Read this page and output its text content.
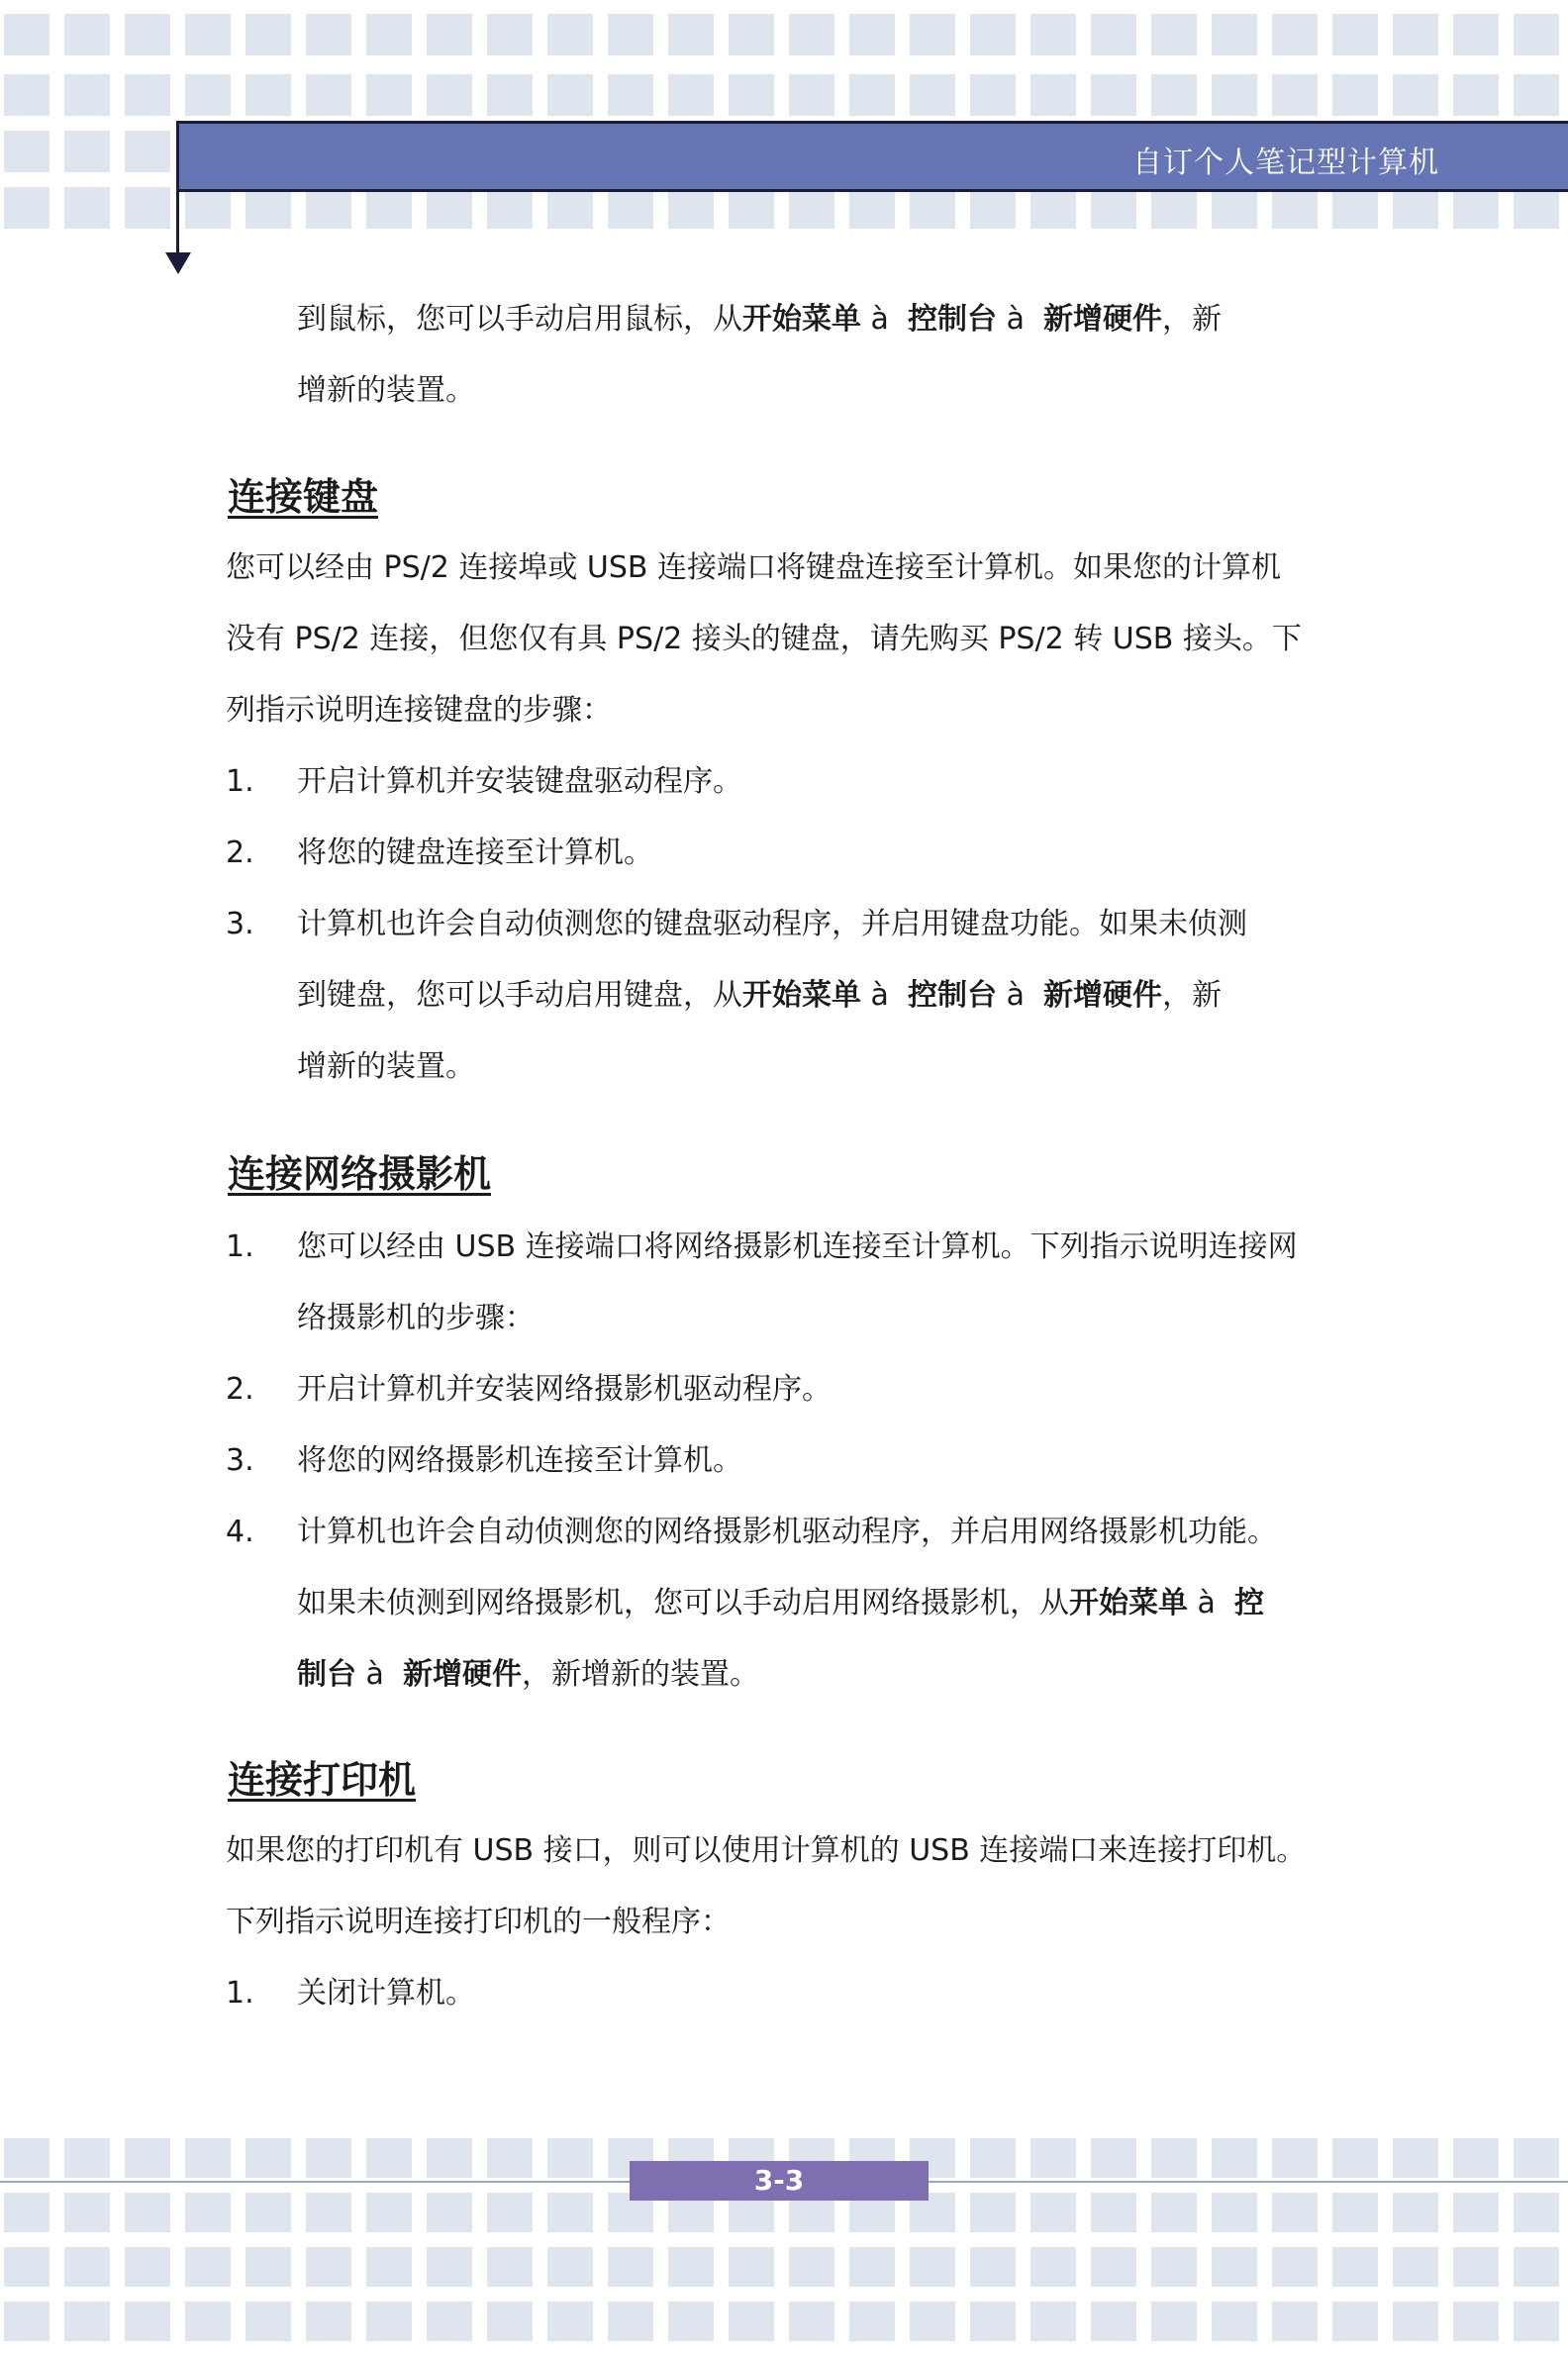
自订个人笔记型计算机
到鼠标，您可以手动启用鼠标，从开始菜单 à 控制台 à 新增硬件，新
增新的装置。
连接键盘
您可以经由 PS/2 连接埠或 USB 连接端口将键盘连接至计算机。如果您的计算机
没有 PS/2 连接，但您仅有具 PS/2 接头的键盘，请先购买 PS/2 转 USB 接头。下
列指示说明连接键盘的步骤：
1. 开启计算机并安装键盘驱动程序。
2. 将您的键盘连接至计算机。
3. 计算机也许会自动侦测您的键盘驱动程序，并启用键盘功能。如果未侦测
到键盘，您可以手动启用键盘，从开始菜单 à 控制台 à 新增硬件，新
增新的装置。
连接网络摄影机
1. 您可以经由 USB 连接端口将网络摄影机连接至计算机。下列指示说明连接网
络摄影机的步骤：
2. 开启计算机并安装网络摄影机驱动程序。
3. 将您的网络摄影机连接至计算机。
4. 计算机也许会自动侦测您的网络摄影机驱动程序，并启用网络摄影机功能。
如果未侦测到网络摄影机，您可以手动启用网络摄影机，从开始菜单 à 控
制台 à 新增硬件，新增新的装置。
连接打印机
如果您的打印机有 USB 接口，则可以使用计算机的 USB 连接端口来连接打印机。
下列指示说明连接打印机的一般程序：
1. 关闭计算机。
3-3
